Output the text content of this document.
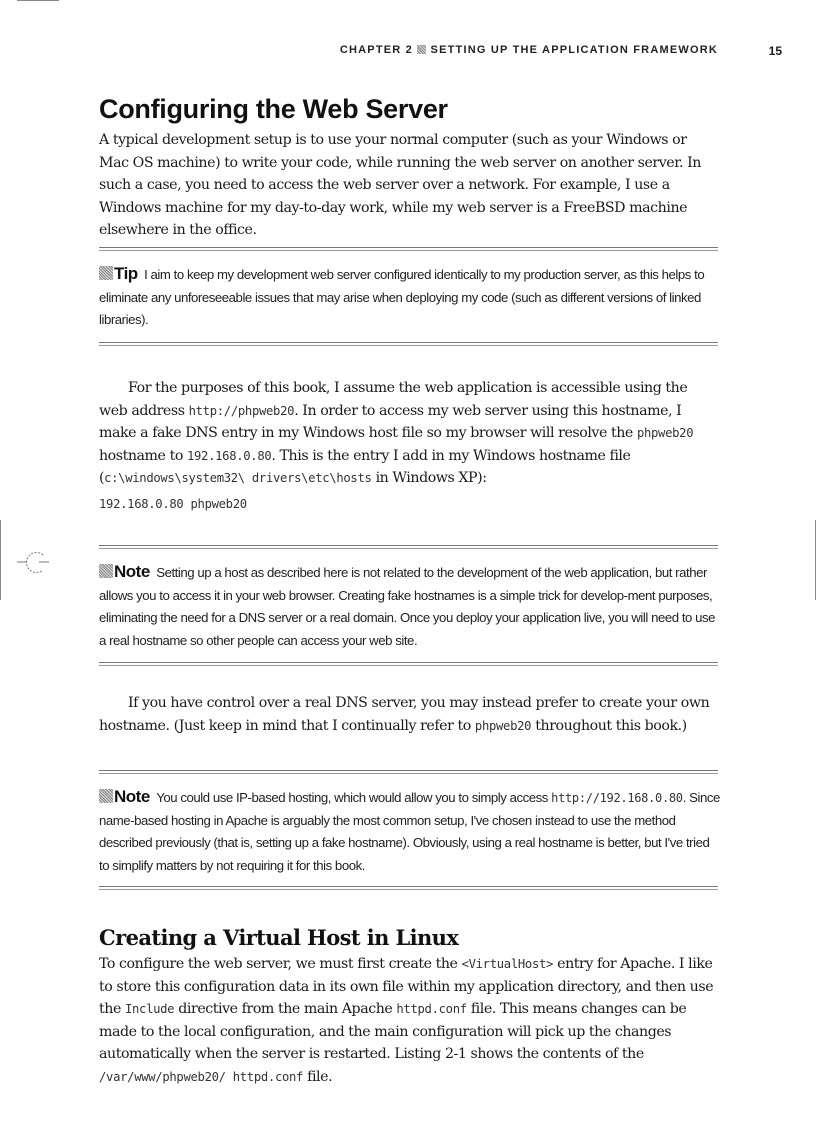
CHAPTER 2 SETTING UP THE APPLICATION FRAMEWORK	15
Configuring the Web Server

A typical development setup is to use your normal computer (such as your Windows or Mac OS machine) to write your code, while running the web server on another server. In such a case, you need to access the web server over a network. For example, I use a Windows machine for my day-to-day work, while my web server is a FreeBSD machine elsewhere in the office.

Tip I aim to keep my development web server configured identically to my production server, as this helps to eliminate any unforeseeable issues that may arise when deploying my code (such as different versions of linked libraries).

For the purposes of this book, I assume the web application is accessible using the web address http://phpweb20. In order to access my web server using this hostname, I make a fake DNS entry in my Windows host file so my browser will resolve the phpweb20 hostname to 192.168.0.80. This is the entry I add in my Windows hostname file (c:\windows\system32\ drivers\etc\hosts in Windows XP):

192.168.0.80 phpweb20

Note Setting up a host as described here is not related to the development of the web application, but rather allows you to access it in your web browser. Creating fake hostnames is a simple trick for develop-ment purposes, eliminating the need for a DNS server or a real domain. Once you deploy your application live, you will need to use a real hostname so other people can access your web site.

If you have control over a real DNS server, you may instead prefer to create your own hostname. (Just keep in mind that I continually refer to phpweb20 throughout this book.)

Note You could use IP-based hosting, which would allow you to simply access http://192.168.0.80. Since name-based hosting in Apache is arguably the most common setup, I've chosen instead to use the method described previously (that is, setting up a fake hostname). Obviously, using a real hostname is better, but I've tried to simplify matters by not requiring it for this book.
Creating a Virtual Host in Linux

To configure the web server, we must first create the <VirtualHost> entry for Apache. I like to store this configuration data in its own file within my application directory, and then use the Include directive from the main Apache httpd.conf file. This means changes can be made to the local configuration, and the main configuration will pick up the changes automatically when the server is restarted. Listing 2-1 shows the contents of the /var/www/phpweb20/ httpd.conf file.
